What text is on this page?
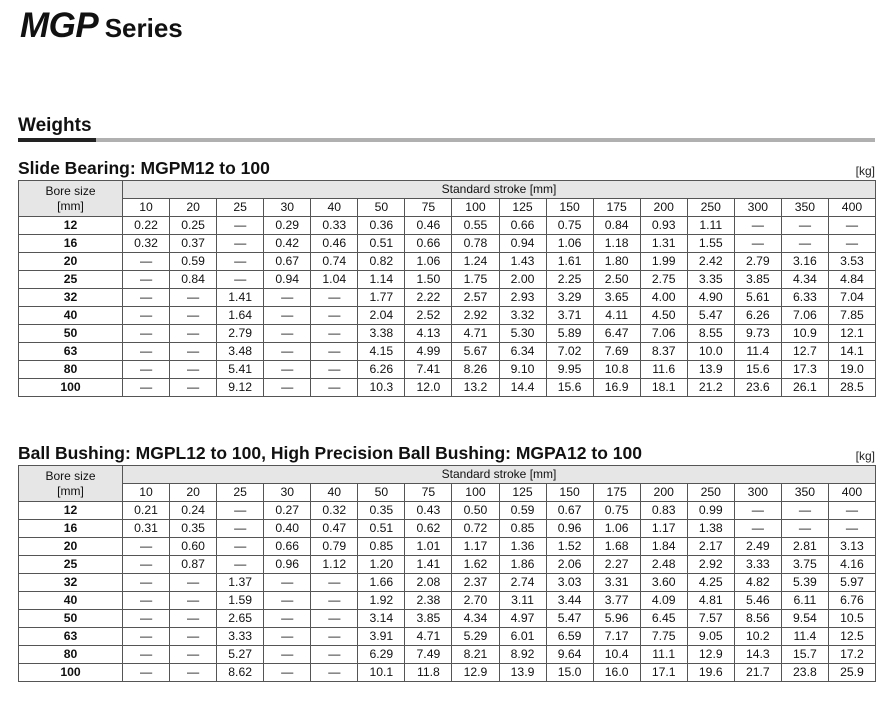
MGP Series
Weights
Slide Bearing: MGPM12 to 100	[kg]
Bore size
[mm]	Standard stroke [mm]															
	10	20	25	30	40	50	75	100	125	150	175	200	250	300	350	400
12	0.22	0.25	—	0.29	0.33	0.36	0.46	0.55	0.66	0.75	0.84	0.93	1.11	—	—	—
16	0.32	0.37	—	0.42	0.46	0.51	0.66	0.78	0.94	1.06	1.18	1.31	1.55	—	—	—
20	—	0.59	—	0.67	0.74	0.82	1.06	1.24	1.43	1.61	1.80	1.99	2.42	2.79	3.16	3.53
25	—	0.84	—	0.94	1.04	1.14	1.50	1.75	2.00	2.25	2.50	2.75	3.35	3.85	4.34	4.84
32	—	—	1.41	—	—	1.77	2.22	2.57	2.93	3.29	3.65	4.00	4.90	5.61	6.33	7.04
40	—	—	1.64	—	—	2.04	2.52	2.92	3.32	3.71	4.11	4.50	5.47	6.26	7.06	7.85
50	—	—	2.79	—	—	3.38	4.13	4.71	5.30	5.89	6.47	7.06	8.55	9.73	10.9	12.1
63	—	—	3.48	—	—	4.15	4.99	5.67	6.34	7.02	7.69	8.37	10.0	11.4	12.7	14.1
80	—	—	5.41	—	—	6.26	7.41	8.26	9.10	9.95	10.8	11.6	13.9	15.6	17.3	19.0
100	—	—	9.12	—	—	10.3	12.0	13.2	14.4	15.6	16.9	18.1	21.2	23.6	26.1	28.5
Ball Bushing: MGPL12 to 100, High Precision Ball Bushing: MGPA12 to 100	[kg]
Bore size
[mm]	Standard stroke [mm]															
	10	20	25	30	40	50	75	100	125	150	175	200	250	300	350	400
12	0.21	0.24	—	0.27	0.32	0.35	0.43	0.50	0.59	0.67	0.75	0.83	0.99	—	—	—
16	0.31	0.35	—	0.40	0.47	0.51	0.62	0.72	0.85	0.96	1.06	1.17	1.38	—	—	—
20	—	0.60	—	0.66	0.79	0.85	1.01	1.17	1.36	1.52	1.68	1.84	2.17	2.49	2.81	3.13
25	—	0.87	—	0.96	1.12	1.20	1.41	1.62	1.86	2.06	2.27	2.48	2.92	3.33	3.75	4.16
32	—	—	1.37	—	—	1.66	2.08	2.37	2.74	3.03	3.31	3.60	4.25	4.82	5.39	5.97
40	—	—	1.59	—	—	1.92	2.38	2.70	3.11	3.44	3.77	4.09	4.81	5.46	6.11	6.76
50	—	—	2.65	—	—	3.14	3.85	4.34	4.97	5.47	5.96	6.45	7.57	8.56	9.54	10.5
63	—	—	3.33	—	—	3.91	4.71	5.29	6.01	6.59	7.17	7.75	9.05	10.2	11.4	12.5
80	—	—	5.27	—	—	6.29	7.49	8.21	8.92	9.64	10.4	11.1	12.9	14.3	15.7	17.2
100	—	—	8.62	—	—	10.1	11.8	12.9	13.9	15.0	16.0	17.1	19.6	21.7	23.8	25.9
